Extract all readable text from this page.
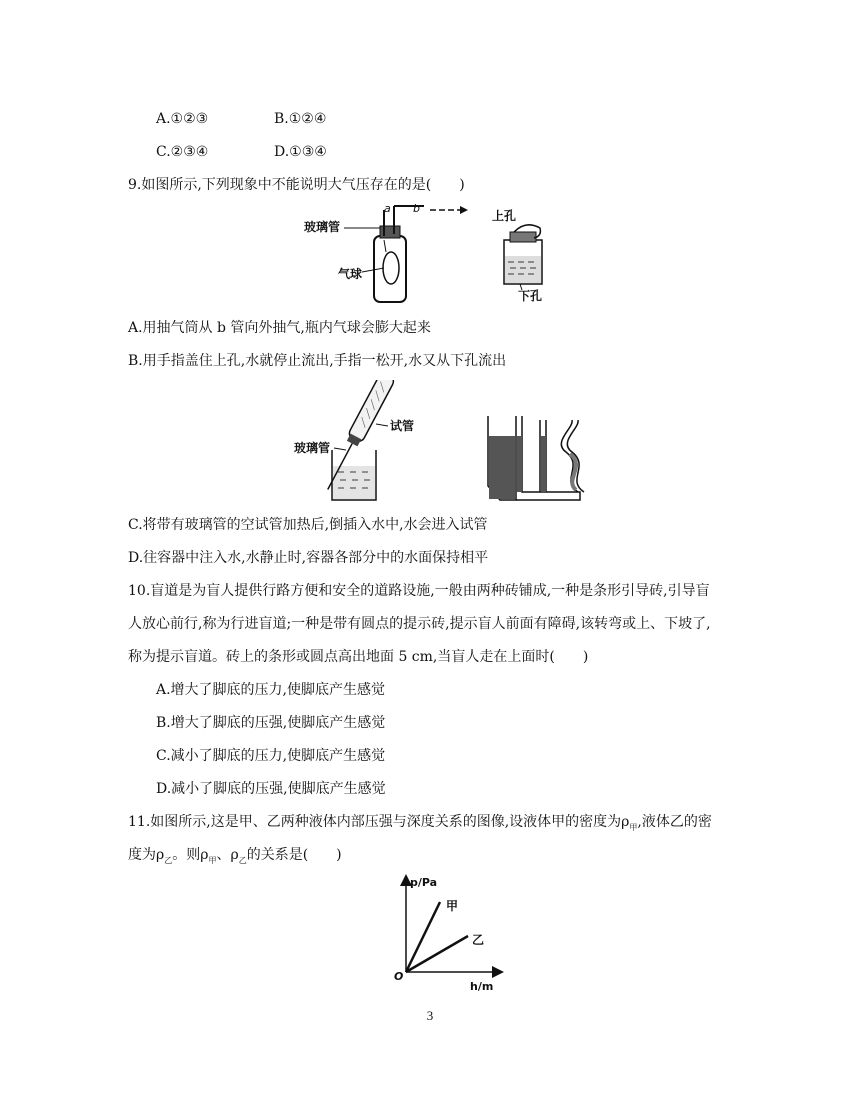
A.①②③	B.①②④
C.②③④	D.①③④
9.如图所示,下列现象中不能说明大气压存在的是(　　)
玻璃管
a b
气球
上孔
下孔
A.用抽气筒从 b 管向外抽气,瓶内气球会膨大起来
B.用手指盖住上孔,水就停止流出,手指一松开,水又从下孔流出
试管
玻璃管
C.将带有玻璃管的空试管加热后,倒插入水中,水会进入试管
D.往容器中注入水,水静止时,容器各部分中的水面保持相平
10.盲道是为盲人提供行路方便和安全的道路设施,一般由两种砖铺成,一种是条形引导砖,引导盲
人放心前行,称为行进盲道;一种是带有圆点的提示砖,提示盲人前面有障碍,该转弯或上、下坡了,
称为提示盲道。砖上的条形或圆点高出地面 5 cm,当盲人走在上面时(　　)
A.增大了脚底的压力,使脚底产生感觉
B.增大了脚底的压强,使脚底产生感觉
C.减小了脚底的压力,使脚底产生感觉
D.减小了脚底的压强,使脚底产生感觉
11.如图所示,这是甲、乙两种液体内部压强与深度关系的图像,设液体甲的密度为$\rho_甲$,液体乙的密
度为$\rho_乙$。则$\rho_甲$、$\rho_乙$的关系是(　　)
p/Pa
h/m
O
甲
乙
3
